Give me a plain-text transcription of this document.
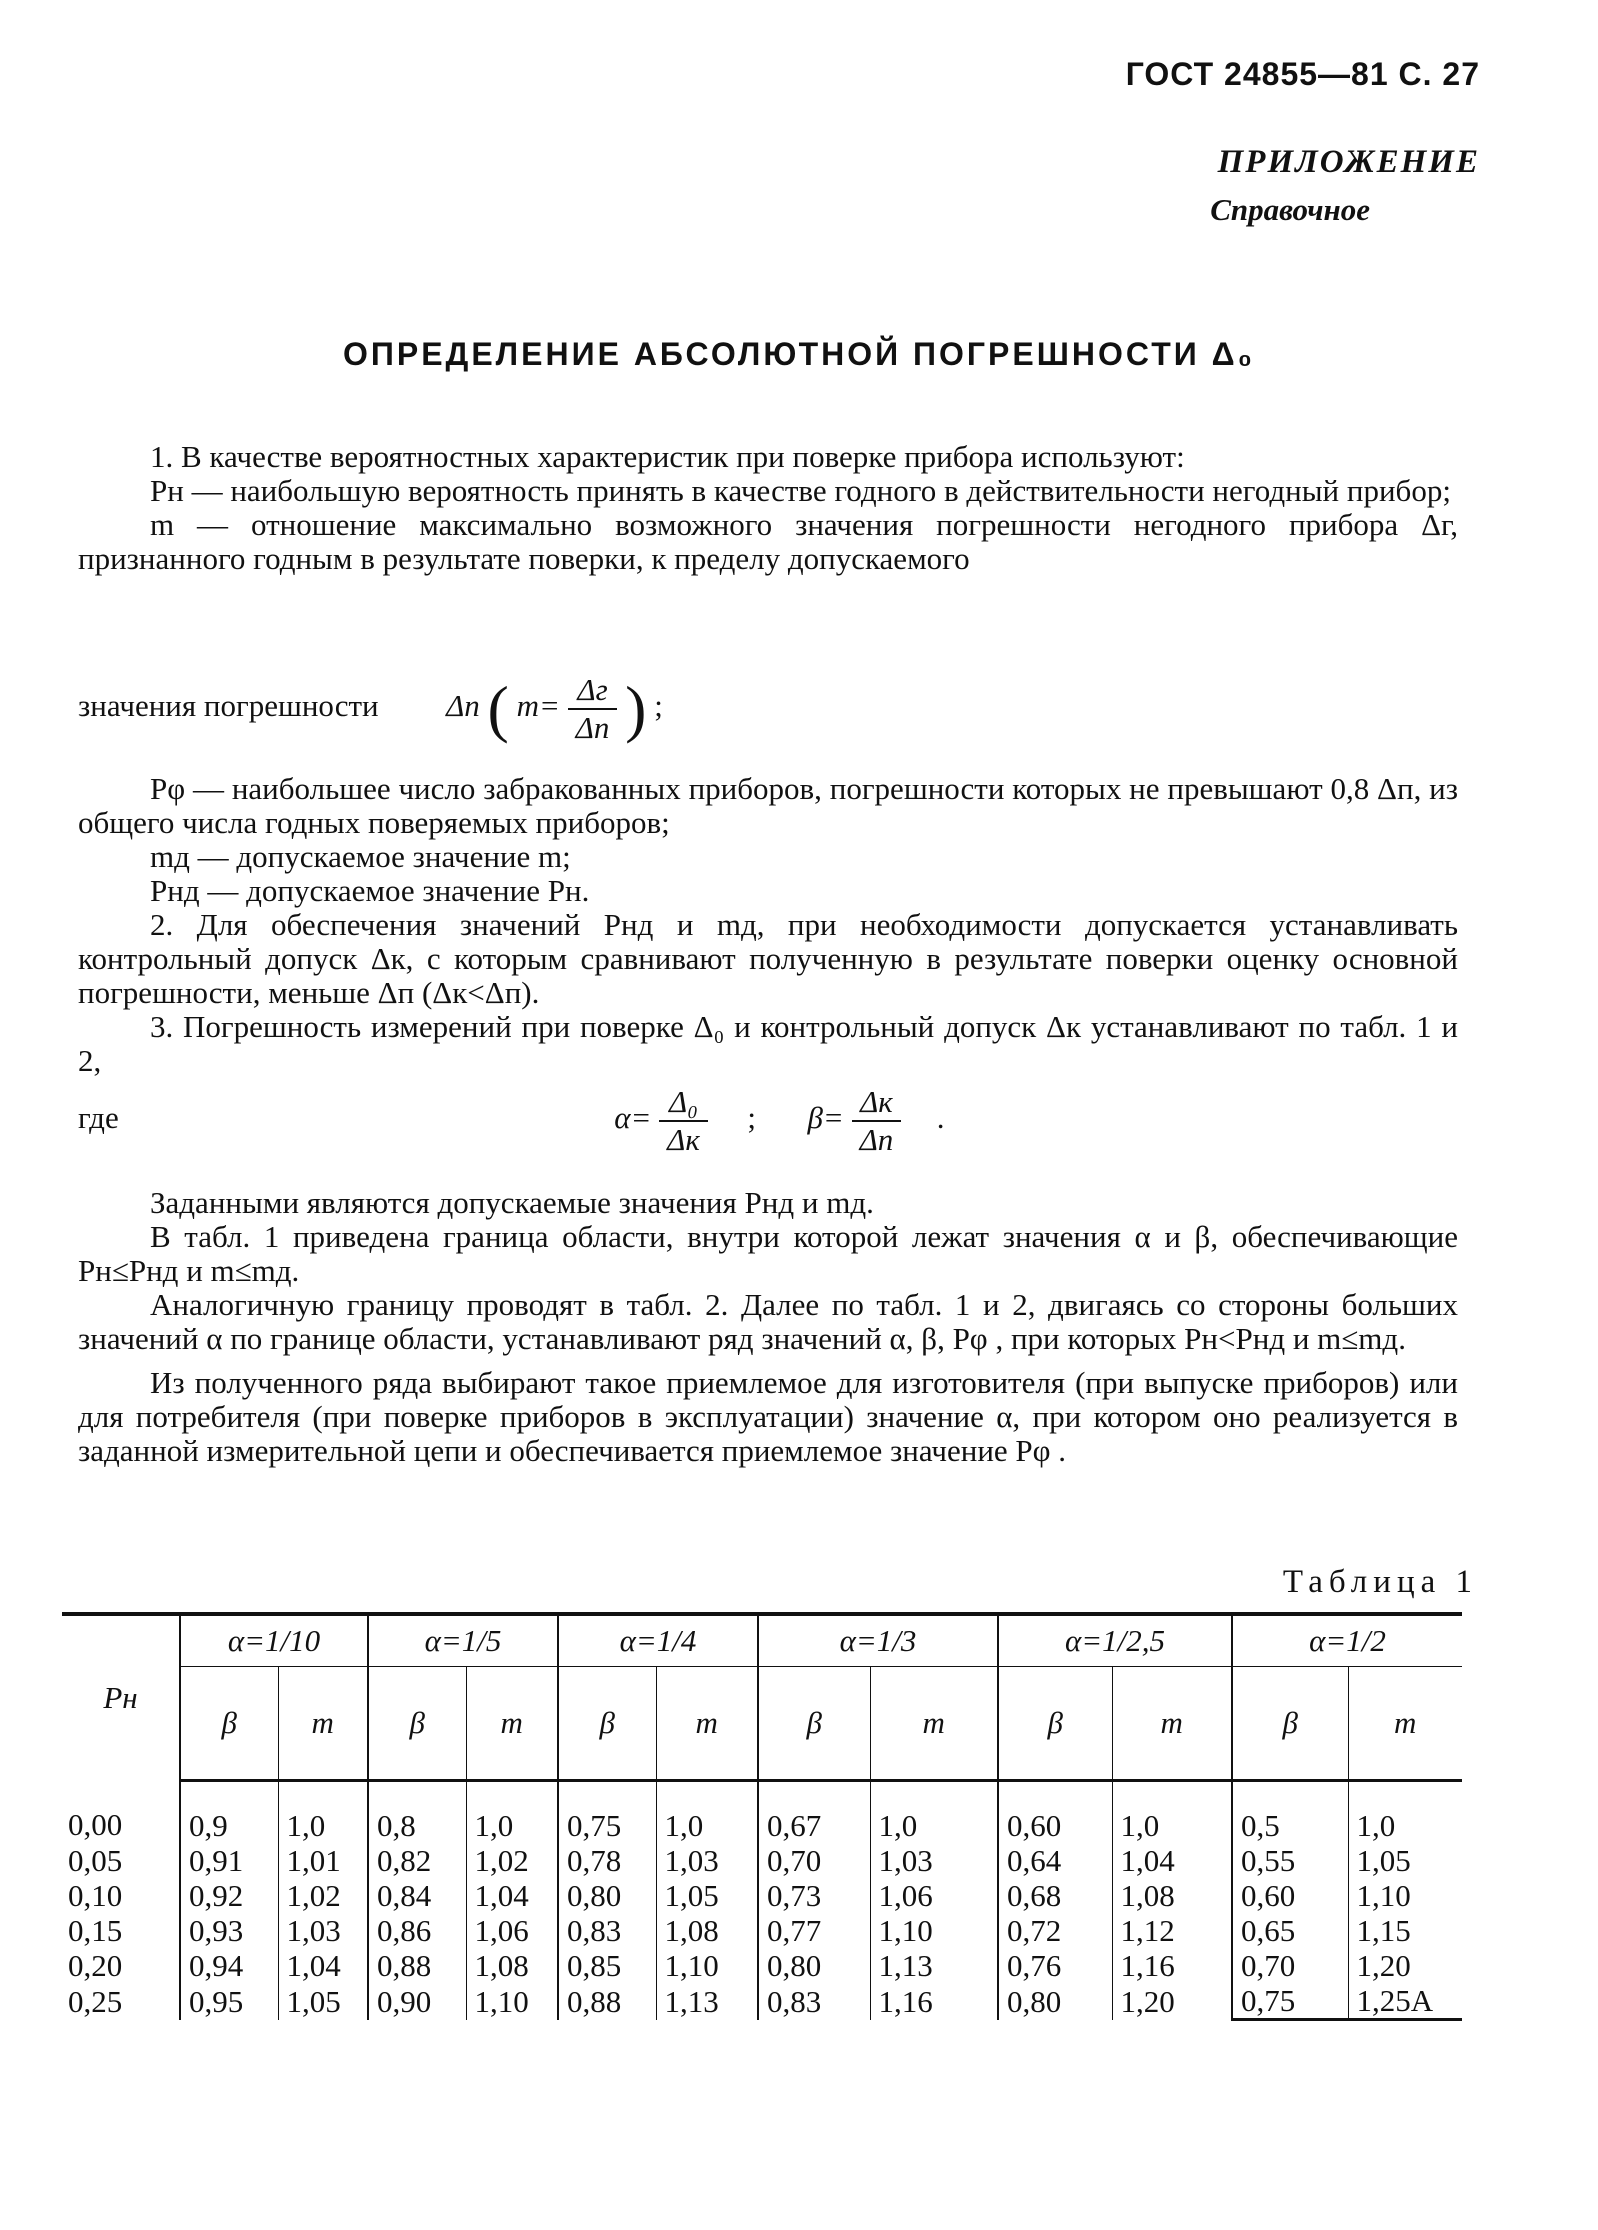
ГОСТ 24855—81 С. 27
ПРИЛОЖЕНИЕ
Справочное
ОПРЕДЕЛЕНИЕ АБСОЛЮТНОЙ ПОГРЕШНОСТИ Δ₀

1. В качестве вероятностных характеристик при поверке прибора используют:

Pн — наибольшую вероятность принять в качестве годного в действительности негодный прибор;

m — отношение максимально возможного значения погрешности негодного прибора Δг, признанного годным в результате поверки, к пределу допускаемого

значения погрешности Δп ( $m= \frac{\Delta г}{\Delta п}$ ) ;

Pφ — наибольшее число забракованных приборов, погрешности которых не превышают 0,8 Δп, из общего числа годных поверяемых приборов;

mд — допускаемое значение m;

Pнд — допускаемое значение Pн.

2. Для обеспечения значений Pнд и mд, при необходимости допускается устанавливать контрольный допуск Δк, с которым сравнивают полученную в результате поверки оценку основной погрешности, меньше Δп (Δк<Δп).

3. Погрешность измерений при поверке Δ₀ и контрольный допуск Δк устанавливают по табл. 1 и 2,

где	$\alpha= \frac{\text{Δ₀}}{\Delta к}$ ; $\beta= \frac{\Delta к}{\Delta п}$ .

Заданными являются допускаемые значения Pнд и mд.

В табл. 1 приведена граница области, внутри которой лежат значения α и β, обеспечивающие Pн≤Pнд и m≤mд.

Аналогичную границу проводят в табл. 2. Далее по табл. 1 и 2, двигаясь со стороны больших значений α по границе области, устанавливают ряд значений α, β, Pφ , при которых Pн<Pнд и m≤mд.

Из полученного ряда выбирают такое приемлемое для изготовителя (при выпуске приборов) или для потребителя (при поверке приборов в эксплуатации) значение α, при котором оно реализуется в заданной измерительной цепи и обеспечивается приемлемое значение Pφ .

Таблица 1
Pн	α=1/10		α=1/5		α=1/4		α=1/3		α=1/2,5		α=1/2	
	β	m	β	m	β	m	β	m	β	m	β	m
0,00	0,9	1,0	0,8	1,0	0,75	1,0	0,67	1,0	0,60	1,0	0,5	1,0
0,05	0,91	1,01	0,82	1,02	0,78	1,03	0,70	1,03	0,64	1,04	0,55	1,05
0,10	0,92	1,02	0,84	1,04	0,80	1,05	0,73	1,06	0,68	1,08	0,60	1,10
0,15	0,93	1,03	0,86	1,06	0,83	1,08	0,77	1,10	0,72	1,12	0,65	1,15
0,20	0,94	1,04	0,88	1,08	0,85	1,10	0,80	1,13	0,76	1,16	0,70	1,20
0,25	0,95	1,05	0,90	1,10	0,88	1,13	0,83	1,16	0,80	1,20	0,75	1,25A
